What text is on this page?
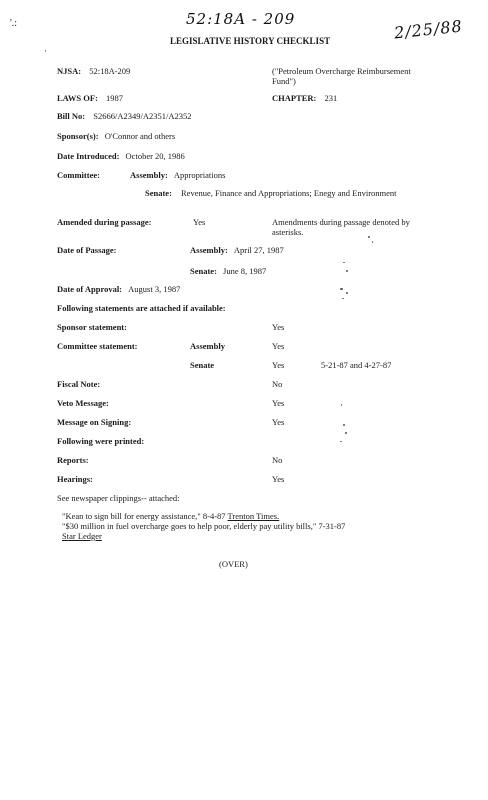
52:18A - 209	2/25/88
'.:
·
LEGISLATIVE HISTORY CHECKLIST
NJSA: 52:18A-209	("Petroleum Overcharge Reimbursement Fund")
LAWS OF: 1987	CHAPTER: 231
Bill No: S2666/A2349/A2351/A2352
Sponsor(s): O'Connor and others
Date Introduced: October 20, 1986
Committee:	Assembly: Appropriations
Senate: Revenue, Finance and Appropriations; Enegy and Environment
Amended during passage:	Yes	Amendments during passage denoted by asterisks.
Date of Passage:	Assembly: April 27, 1987
Senate: June 8, 1987
Date of Approval: August 3, 1987
Following statements are attached if available:
Sponsor statement:	Yes
Committee statement:	Assembly	Yes
Senate	Yes	5-21-87 and 4-27-87
Fiscal Note:	No
Veto Message:	Yes
Message on Signing:	Yes
Following were printed:
Reports:	No
Hearings:	Yes
See newspaper clippings-- attached:
"Kean to sign bill for energy assistance," 8-4-87 Trenton Times.
"$30 million in fuel overcharge goes to help poor, elderly pay utility bills," 7-31-87
Star Ledger
(OVER)
